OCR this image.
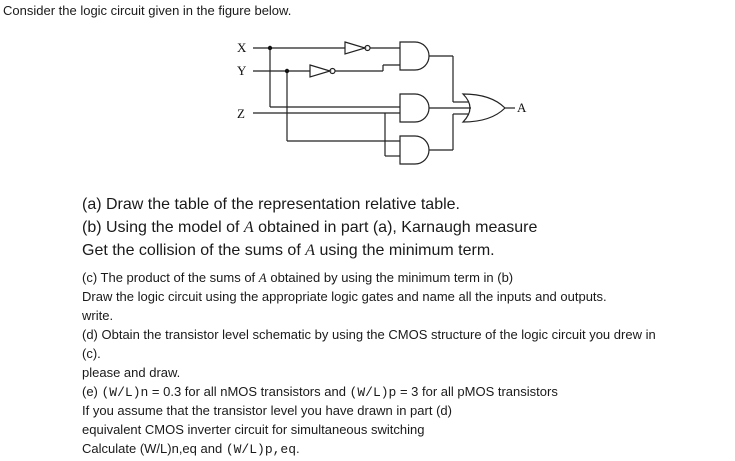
Consider the logic circuit given in the figure below.
X
Y
Z	A
(a) Draw the table of the representation relative table.
(b) Using the model of A obtained in part (a), Karnaugh measure
Get the collision of the sums of A using the minimum term.
(c) The product of the sums of A obtained by using the minimum term in (b)
Draw the logic circuit using the appropriate logic gates and name all the inputs and outputs.
write.
(d) Obtain the transistor level schematic by using the CMOS structure of the logic circuit you drew in
(c).
please and draw.
(e) (W/L)n = 0.3 for all nMOS transistors and (W/L)p = 3 for all pMOS transistors
If you assume that the transistor level you have drawn in part (d)
equivalent CMOS inverter circuit for simultaneous switching
Calculate (W/L)n,eq and (W/L)p,eq.
